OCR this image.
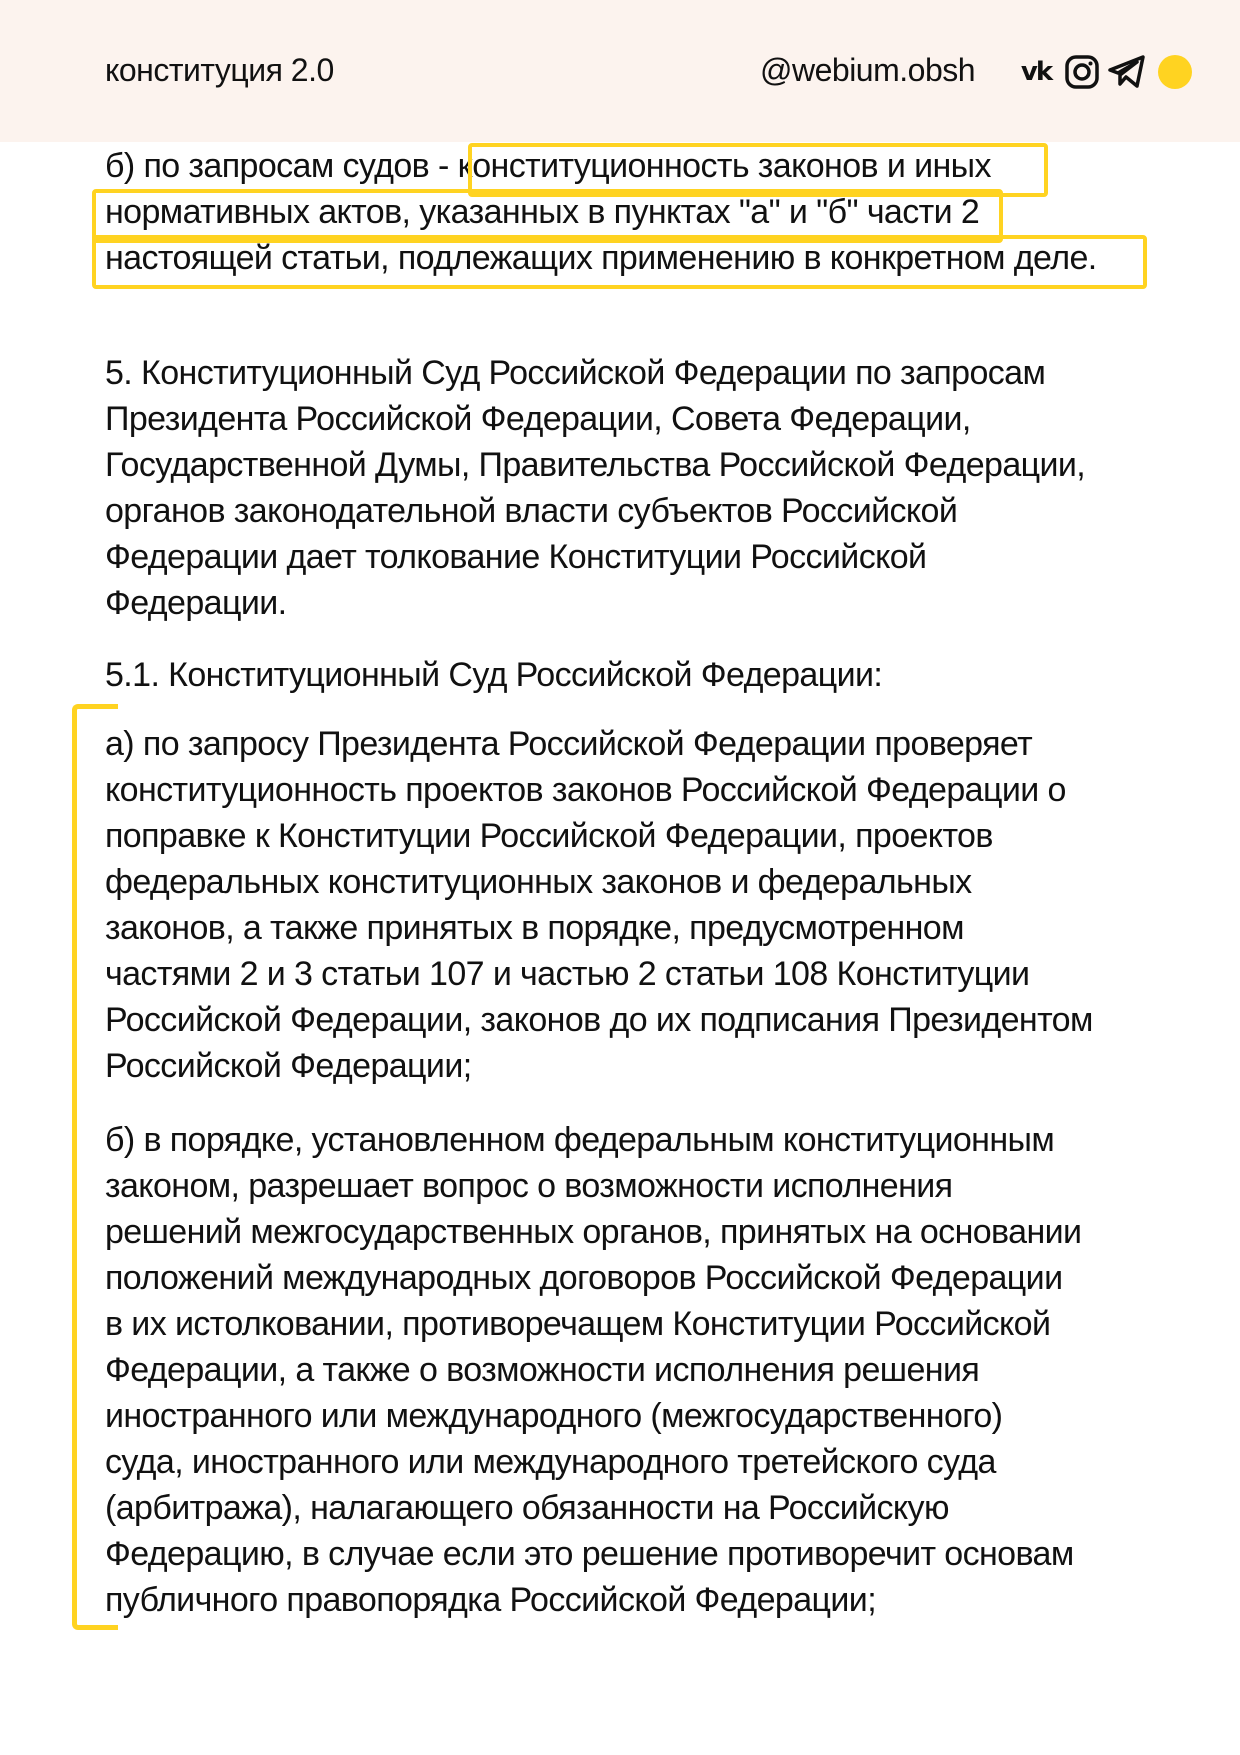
конституция 2.0	@webium.obsh vk

б) по запросам судов - конституционность законов и иных

нормативных актов, указанных в пунктах "а" и "б" части 2

настоящей статьи, подлежащих применению в конкретном деле.

5. Конституционный Суд Российской Федерации по запросам

Президента Российской Федерации, Совета Федерации,

Государственной Думы, Правительства Российской Федерации,

органов законодательной власти субъектов Российской

Федерации дает толкование Конституции Российской

Федерации.

5.1. Конституционный Суд Российской Федерации:

а) по запросу Президента Российской Федерации проверяет

конституционность проектов законов Российской Федерации о

поправке к Конституции Российской Федерации, проектов

федеральных конституционных законов и федеральных

законов, а также принятых в порядке, предусмотренном

частями 2 и 3 статьи 107 и частью 2 статьи 108 Конституции

Российской Федерации, законов до их подписания Президентом

Российской Федерации;

б) в порядке, установленном федеральным конституционным

законом, разрешает вопрос о возможности исполнения

решений межгосударственных органов, принятых на основании

положений международных договоров Российской Федерации

в их истолковании, противоречащем Конституции Российской

Федерации, а также о возможности исполнения решения

иностранного или международного (межгосударственного)

суда, иностранного или международного третейского суда

(арбитража), налагающего обязанности на Российскую

Федерацию, в случае если это решение противоречит основам

публичного правопорядка Российской Федерации;
